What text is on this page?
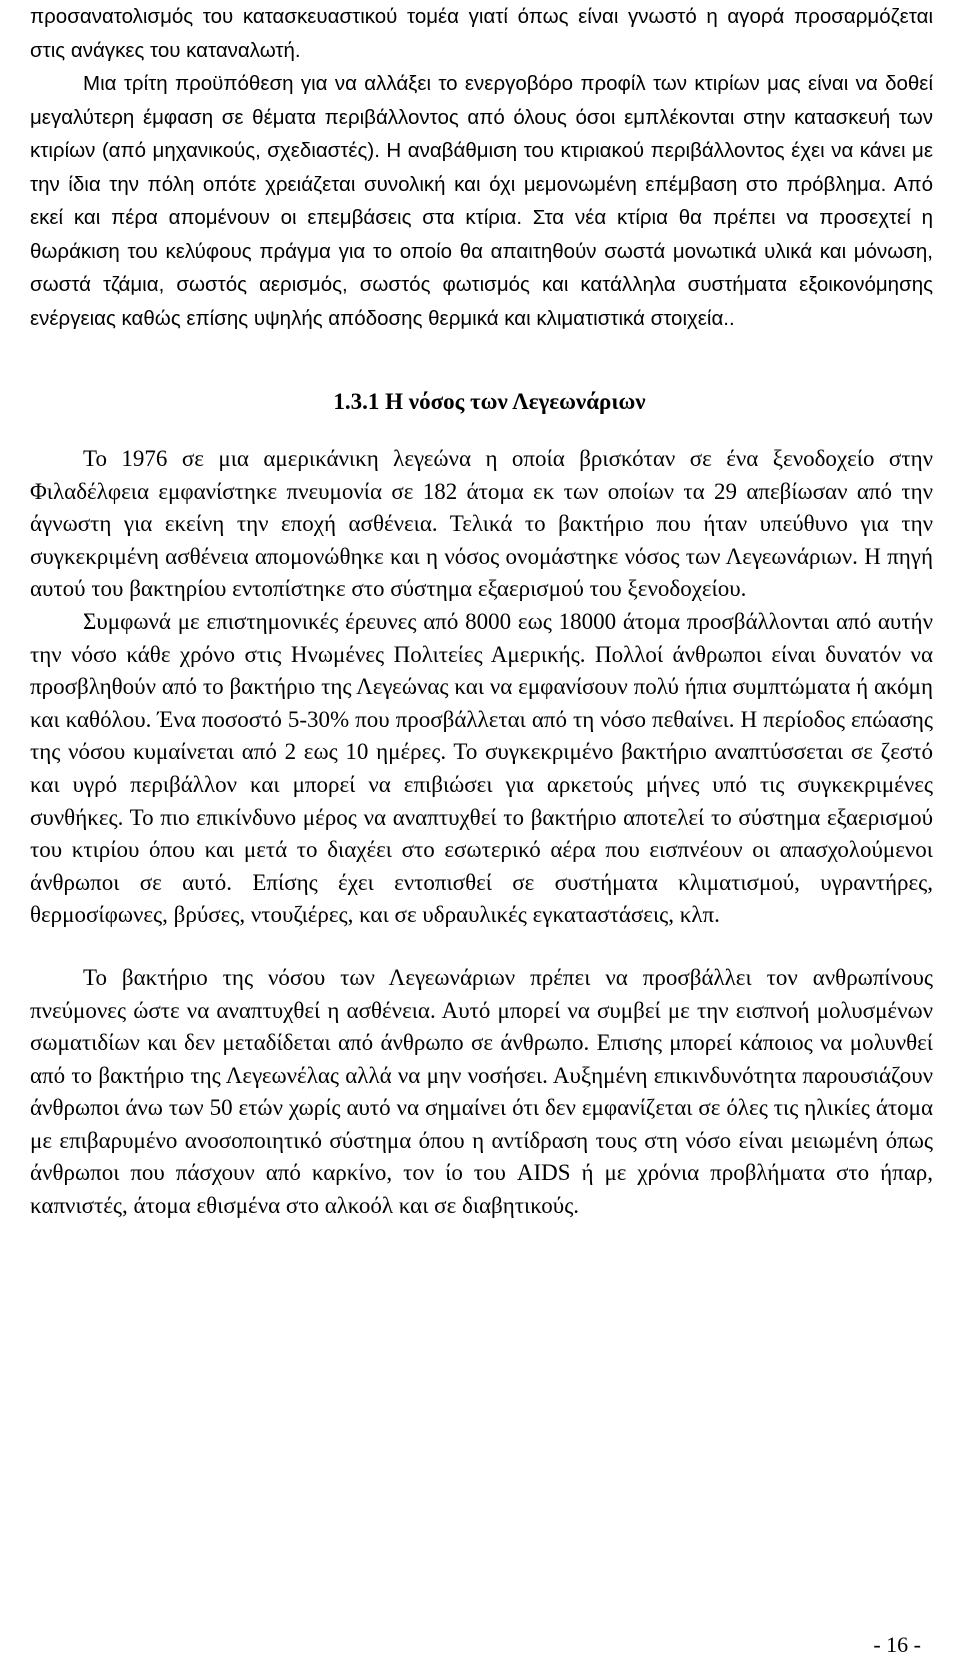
προσανατολισμός του κατασκευαστικού τομέα γιατί όπως είναι γνωστό η αγορά προσαρμόζεται στις ανάγκες του καταναλωτή.

Μια τρίτη προϋπόθεση για να αλλάξει το ενεργοβόρο προφίλ των κτιρίων μας είναι να δοθεί μεγαλύτερη έμφαση σε θέματα περιβάλλοντος από όλους όσοι εμπλέκονται στην κατασκευή των κτιρίων (από μηχανικούς, σχεδιαστές). Η αναβάθμιση του κτιριακού περιβάλλοντος έχει να κάνει με την ίδια την πόλη οπότε χρειάζεται συνολική και όχι μεμονωμένη επέμβαση στο πρόβλημα. Από εκεί και πέρα απομένουν οι επεμβάσεις στα κτίρια. Στα νέα κτίρια θα πρέπει να προσεχτεί η θωράκιση του κελύφους πράγμα για το οποίο θα απαιτηθούν σωστά μονωτικά υλικά και μόνωση, σωστά τζάμια, σωστός αερισμός, σωστός φωτισμός και κατάλληλα συστήματα εξοικονόμησης ενέργειας καθώς επίσης υψηλής απόδοσης θερμικά και κλιματιστικά στοιχεία..

1.3.1 Η νόσος των Λεγεωνάριων

Το 1976 σε μια αμερικάνικη λεγεώνα η οποία βρισκόταν σε ένα ξενοδοχείο στην Φιλαδέλφεια εμφανίστηκε πνευμονία σε 182 άτομα εκ των οποίων τα 29 απεβίωσαν από την άγνωστη για εκείνη την εποχή ασθένεια. Τελικά το βακτήριο που ήταν υπεύθυνο για την συγκεκριμένη ασθένεια απομονώθηκε και η νόσος ονομάστηκε νόσος των Λεγεωνάριων. Η πηγή αυτού του βακτηρίου εντοπίστηκε στο σύστημα εξαερισμού του ξενοδοχείου.

Συμφωνά με επιστημονικές έρευνες από 8000 εως 18000 άτομα προσβάλλονται από αυτήν την νόσο κάθε χρόνο στις Ηνωμένες Πολιτείες Αμερικής. Πολλοί άνθρωποι είναι δυνατόν να προσβληθούν από το βακτήριο της Λεγεώνας και να εμφανίσουν πολύ ήπια συμπτώματα ή ακόμη και καθόλου. Ένα ποσοστό 5-30% που προσβάλλεται από τη νόσο πεθαίνει. Η περίοδος επώασης της νόσου κυμαίνεται από 2 εως 10 ημέρες. Το συγκεκριμένο βακτήριο αναπτύσσεται σε ζεστό και υγρό περιβάλλον και μπορεί να επιβιώσει για αρκετούς μήνες υπό τις συγκεκριμένες συνθήκες. Το πιο επικίνδυνο μέρος να αναπτυχθεί το βακτήριο αποτελεί το σύστημα εξαερισμού του κτιρίου όπου και μετά το διαχέει στο εσωτερικό αέρα που εισπνέουν οι απασχολούμενοι άνθρωποι σε αυτό. Επίσης έχει εντοπισθεί σε συστήματα κλιματισμού, υγραντήρες, θερμοσίφωνες, βρύσες, ντουζιέρες, και σε υδραυλικές εγκαταστάσεις, κλπ.

Το βακτήριο της νόσου των Λεγεωνάριων πρέπει να προσβάλλει τον ανθρωπίνους πνεύμονες ώστε να αναπτυχθεί η ασθένεια. Αυτό μπορεί να συμβεί με την εισπνοή μολυσμένων σωματιδίων και δεν μεταδίδεται από άνθρωπο σε άνθρωπο. Επισης μπορεί κάποιος να μολυνθεί από το βακτήριο της Λεγεωνέλας αλλά να μην νοσήσει. Αυξημένη επικινδυνότητα παρουσιάζουν άνθρωποι άνω των 50 ετών χωρίς αυτό να σημαίνει ότι δεν εμφανίζεται σε όλες τις ηλικίες άτομα με επιβαρυμένο ανοσοποιητικό σύστημα όπου η αντίδραση τους στη νόσο είναι μειωμένη όπως άνθρωποι που πάσχουν από καρκίνο, τον ίο του AIDS ή με χρόνια προβλήματα στο ήπαρ, καπνιστές, άτομα εθισμένα στο αλκοόλ και σε διαβητικούς.

- 16 -
